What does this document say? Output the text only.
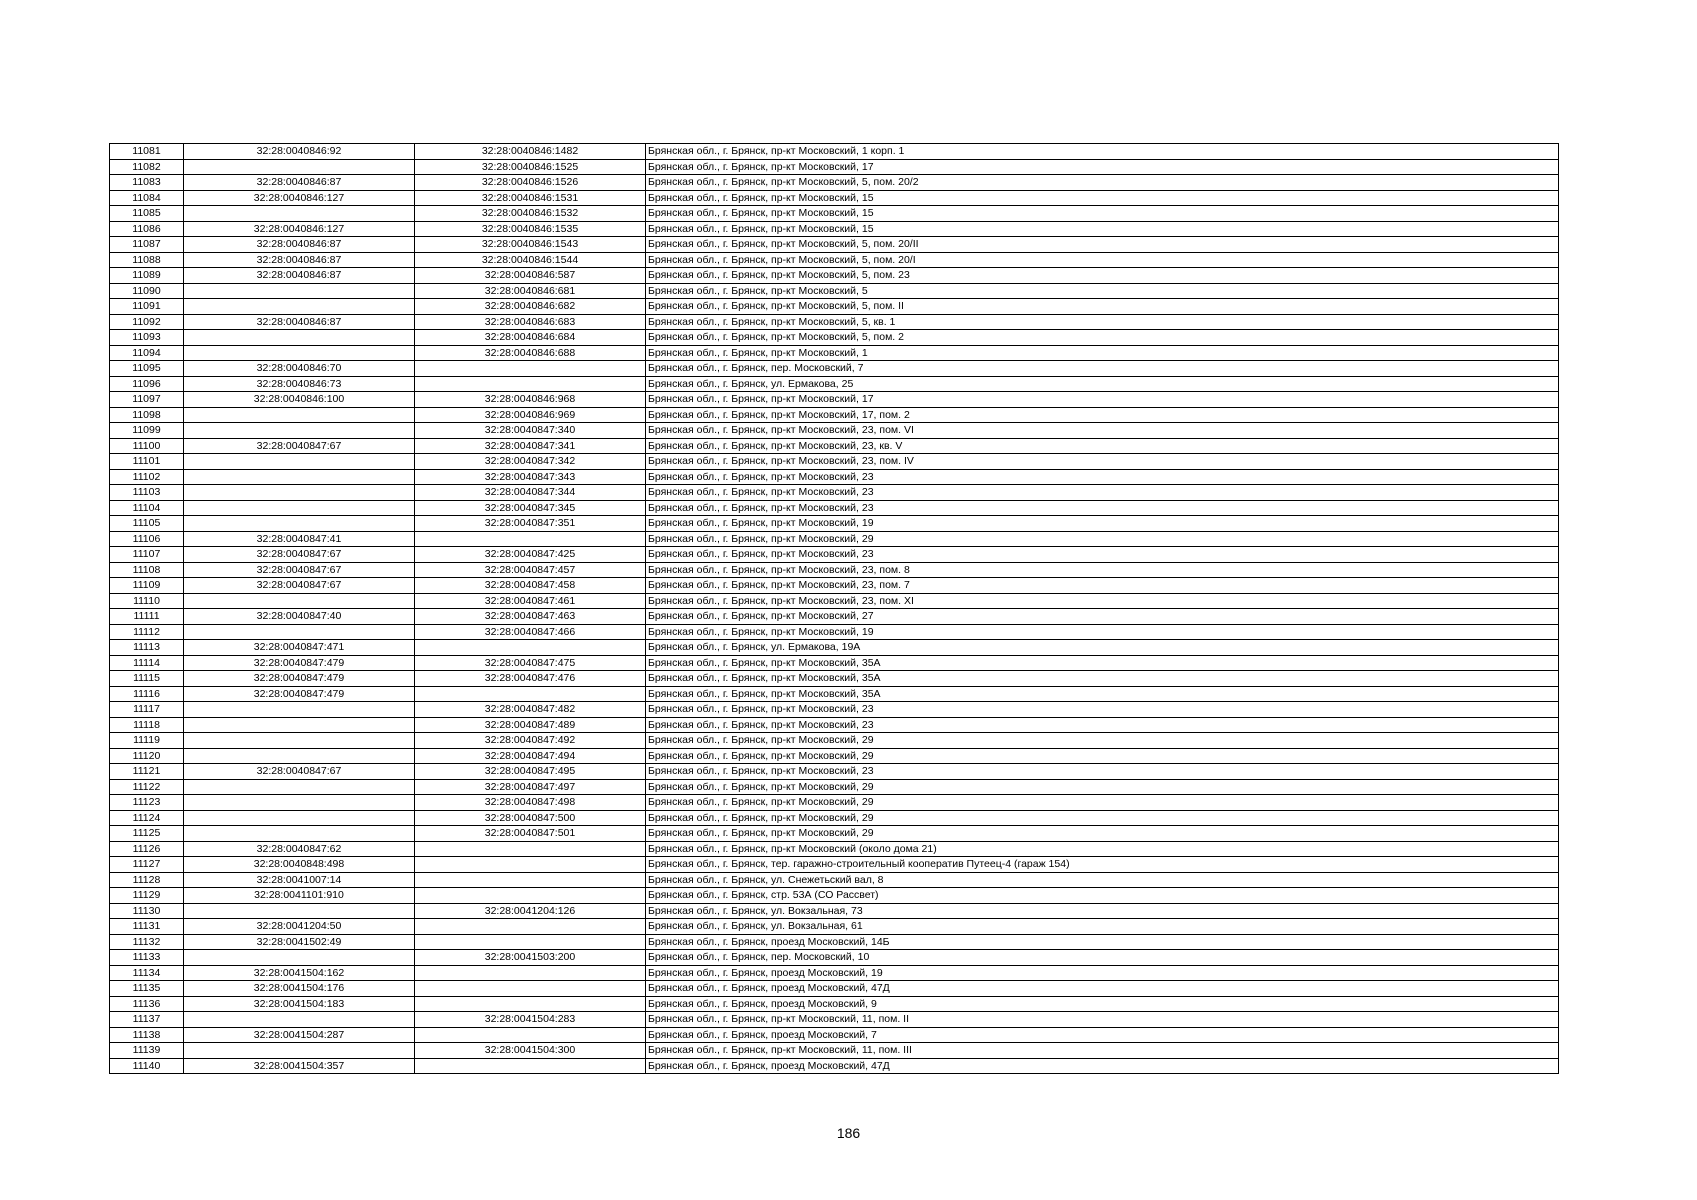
11081	32:28:0040846:92	32:28:0040846:1482	Брянская обл., г. Брянск, пр-кт Московский, 1 корп. 1
11082		32:28:0040846:1525	Брянская обл., г. Брянск, пр-кт Московский, 17
11083	32:28:0040846:87	32:28:0040846:1526	Брянская обл., г. Брянск, пр-кт Московский, 5, пом. 20/2
11084	32:28:0040846:127	32:28:0040846:1531	Брянская обл., г. Брянск, пр-кт Московский, 15
11085		32:28:0040846:1532	Брянская обл., г. Брянск, пр-кт Московский, 15
11086	32:28:0040846:127	32:28:0040846:1535	Брянская обл., г. Брянск, пр-кт Московский, 15
11087	32:28:0040846:87	32:28:0040846:1543	Брянская обл., г. Брянск, пр-кт Московский, 5, пом. 20/II
11088	32:28:0040846:87	32:28:0040846:1544	Брянская обл., г. Брянск, пр-кт Московский, 5, пом. 20/I
11089	32:28:0040846:87	32:28:0040846:587	Брянская обл., г. Брянск, пр-кт Московский, 5, пом. 23
11090		32:28:0040846:681	Брянская обл., г. Брянск, пр-кт Московский, 5
11091		32:28:0040846:682	Брянская обл., г. Брянск, пр-кт Московский, 5, пом. II
11092	32:28:0040846:87	32:28:0040846:683	Брянская обл., г. Брянск, пр-кт Московский, 5, кв. 1
11093		32:28:0040846:684	Брянская обл., г. Брянск, пр-кт Московский, 5, пом. 2
11094		32:28:0040846:688	Брянская обл., г. Брянск, пр-кт Московский, 1
11095	32:28:0040846:70		Брянская обл., г. Брянск, пер. Московский, 7
11096	32:28:0040846:73		Брянская обл., г. Брянск, ул. Ермакова, 25
11097	32:28:0040846:100	32:28:0040846:968	Брянская обл., г. Брянск, пр-кт Московский, 17
11098		32:28:0040846:969	Брянская обл., г. Брянск, пр-кт Московский, 17, пом. 2
11099		32:28:0040847:340	Брянская обл., г. Брянск, пр-кт Московский, 23, пом. VI
11100	32:28:0040847:67	32:28:0040847:341	Брянская обл., г. Брянск, пр-кт Московский, 23, кв. V
11101		32:28:0040847:342	Брянская обл., г. Брянск, пр-кт Московский, 23, пом. IV
11102		32:28:0040847:343	Брянская обл., г. Брянск, пр-кт Московский, 23
11103		32:28:0040847:344	Брянская обл., г. Брянск, пр-кт Московский, 23
11104		32:28:0040847:345	Брянская обл., г. Брянск, пр-кт Московский, 23
11105		32:28:0040847:351	Брянская обл., г. Брянск, пр-кт Московский, 19
11106	32:28:0040847:41		Брянская обл., г. Брянск, пр-кт Московский, 29
11107	32:28:0040847:67	32:28:0040847:425	Брянская обл., г. Брянск, пр-кт Московский, 23
11108	32:28:0040847:67	32:28:0040847:457	Брянская обл., г. Брянск, пр-кт Московский, 23, пом. 8
11109	32:28:0040847:67	32:28:0040847:458	Брянская обл., г. Брянск, пр-кт Московский, 23, пом. 7
11110		32:28:0040847:461	Брянская обл., г. Брянск, пр-кт Московский, 23, пом. XI
11111	32:28:0040847:40	32:28:0040847:463	Брянская обл., г. Брянск, пр-кт Московский, 27
11112		32:28:0040847:466	Брянская обл., г. Брянск, пр-кт Московский, 19
11113	32:28:0040847:471		Брянская обл., г. Брянск, ул. Ермакова, 19А
11114	32:28:0040847:479	32:28:0040847:475	Брянская обл., г. Брянск, пр-кт Московский, 35А
11115	32:28:0040847:479	32:28:0040847:476	Брянская обл., г. Брянск, пр-кт Московский, 35А
11116	32:28:0040847:479		Брянская обл., г. Брянск, пр-кт Московский, 35А
11117		32:28:0040847:482	Брянская обл., г. Брянск, пр-кт Московский, 23
11118		32:28:0040847:489	Брянская обл., г. Брянск, пр-кт Московский, 23
11119		32:28:0040847:492	Брянская обл., г. Брянск, пр-кт Московский, 29
11120		32:28:0040847:494	Брянская обл., г. Брянск, пр-кт Московский, 29
11121	32:28:0040847:67	32:28:0040847:495	Брянская обл., г. Брянск, пр-кт Московский, 23
11122		32:28:0040847:497	Брянская обл., г. Брянск, пр-кт Московский, 29
11123		32:28:0040847:498	Брянская обл., г. Брянск, пр-кт Московский, 29
11124		32:28:0040847:500	Брянская обл., г. Брянск, пр-кт Московский, 29
11125		32:28:0040847:501	Брянская обл., г. Брянск, пр-кт Московский, 29
11126	32:28:0040847:62		Брянская обл., г. Брянск, пр-кт Московский (около дома 21)
11127	32:28:0040848:498		Брянская обл., г. Брянск, тер. гаражно-строительный кооператив Путеец-4 (гараж 154)
11128	32:28:0041007:14		Брянская обл., г. Брянск, ул. Снежетьский вал, 8
11129	32:28:0041101:910		Брянская обл., г. Брянск, стр. 53А (СО Рассвет)
11130		32:28:0041204:126	Брянская обл., г. Брянск, ул. Вокзальная, 73
11131	32:28:0041204:50		Брянская обл., г. Брянск, ул. Вокзальная, 61
11132	32:28:0041502:49		Брянская обл., г. Брянск, проезд Московский, 14Б
11133		32:28:0041503:200	Брянская обл., г. Брянск, пер. Московский, 10
11134	32:28:0041504:162		Брянская обл., г. Брянск, проезд Московский, 19
11135	32:28:0041504:176		Брянская обл., г. Брянск, проезд Московский, 47Д
11136	32:28:0041504:183		Брянская обл., г. Брянск, проезд Московский, 9
11137		32:28:0041504:283	Брянская обл., г. Брянск, пр-кт Московский, 11, пом. II
11138	32:28:0041504:287		Брянская обл., г. Брянск, проезд Московский, 7
11139		32:28:0041504:300	Брянская обл., г. Брянск, пр-кт Московский, 11, пом. III
11140	32:28:0041504:357		Брянская обл., г. Брянск, проезд Московский, 47Д
186
